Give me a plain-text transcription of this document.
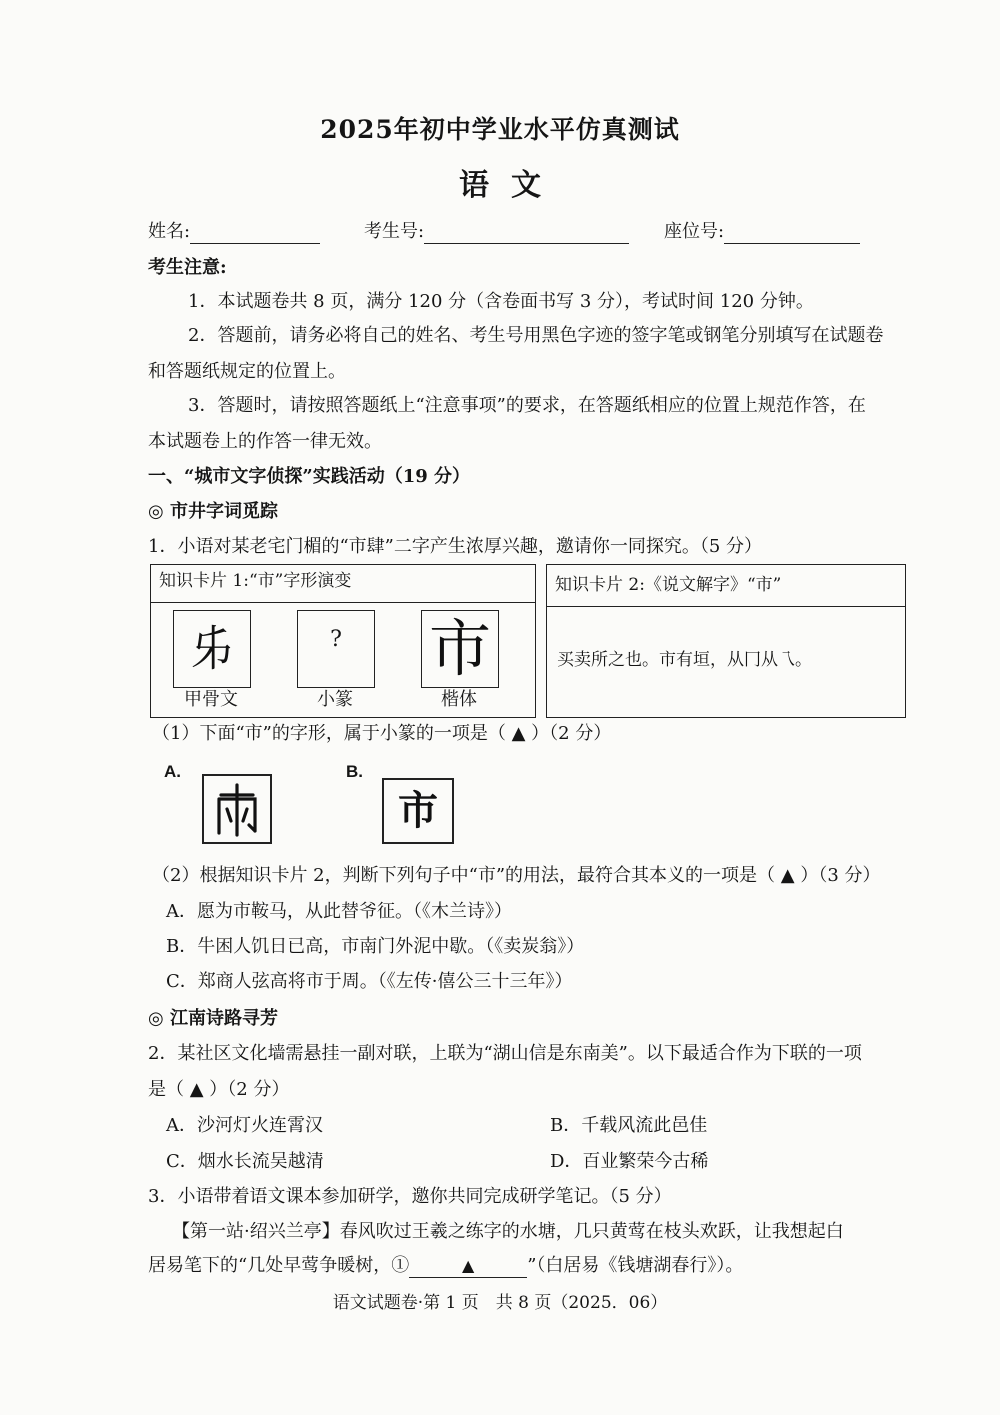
2025年初中学业水平仿真测试
语文
姓名:	考生号:	座位号:

考生注意:

1．本试题卷共 8 页，满分 120 分（含卷面书写 3 分），考试时间 120 分钟。

2．答题前，请务必将自己的姓名、考生号用黑色字迹的签字笔或钢笔分别填写在试题卷

和答题纸规定的位置上。

3．答题时，请按照答题纸上“注意事项”的要求，在答题纸相应的位置上规范作答，在

本试题卷上的作答一律无效。

一、“城市文字侦探”实践活动（19 分）

◎ 市井字词觅踪

1．小语对某老宅门楣的“市肆”二字产生浓厚兴趣，邀请你一同探究。（5 分）

知识卡片 1:“市”字形演变
𠂔	?	市
甲骨文	小篆	楷体
知识卡片 2:《说文解字》“市”
买卖所之也。市有垣，从冂从乁。

（1）下面“市”的字形，属于小篆的一项是（ ▲ ）（2 分）

A.	B.
市

（2）根据知识卡片 2，判断下列句子中“市”的用法，最符合其本义的一项是（ ▲ ）（3 分）

A．愿为市鞍马，从此替爷征。（《木兰诗》）

B．牛困人饥日已高，市南门外泥中歇。（《卖炭翁》）

C．郑商人弦高将市于周。（《左传·僖公三十三年》）

◎ 江南诗路寻芳

2．某社区文化墙需悬挂一副对联，上联为“湖山信是东南美”。以下最适合作为下联的一项

是（ ▲ ）（2 分）

A．沙河灯火连霄汉	B．千载风流此邑佳

C．烟水长流吴越清	D．百业繁荣今古稀

3．小语带着语文课本参加研学，邀你共同完成研学笔记。（5 分）

【第一站·绍兴兰亭】春风吹过王羲之练字的水塘，几只黄莺在枝头欢跃，让我想起白

居易笔下的“几处早莺争暖树，①	▲	”（白居易《钱塘湖春行》）。

语文试题卷·第 1 页　共 8 页（2025．06）
